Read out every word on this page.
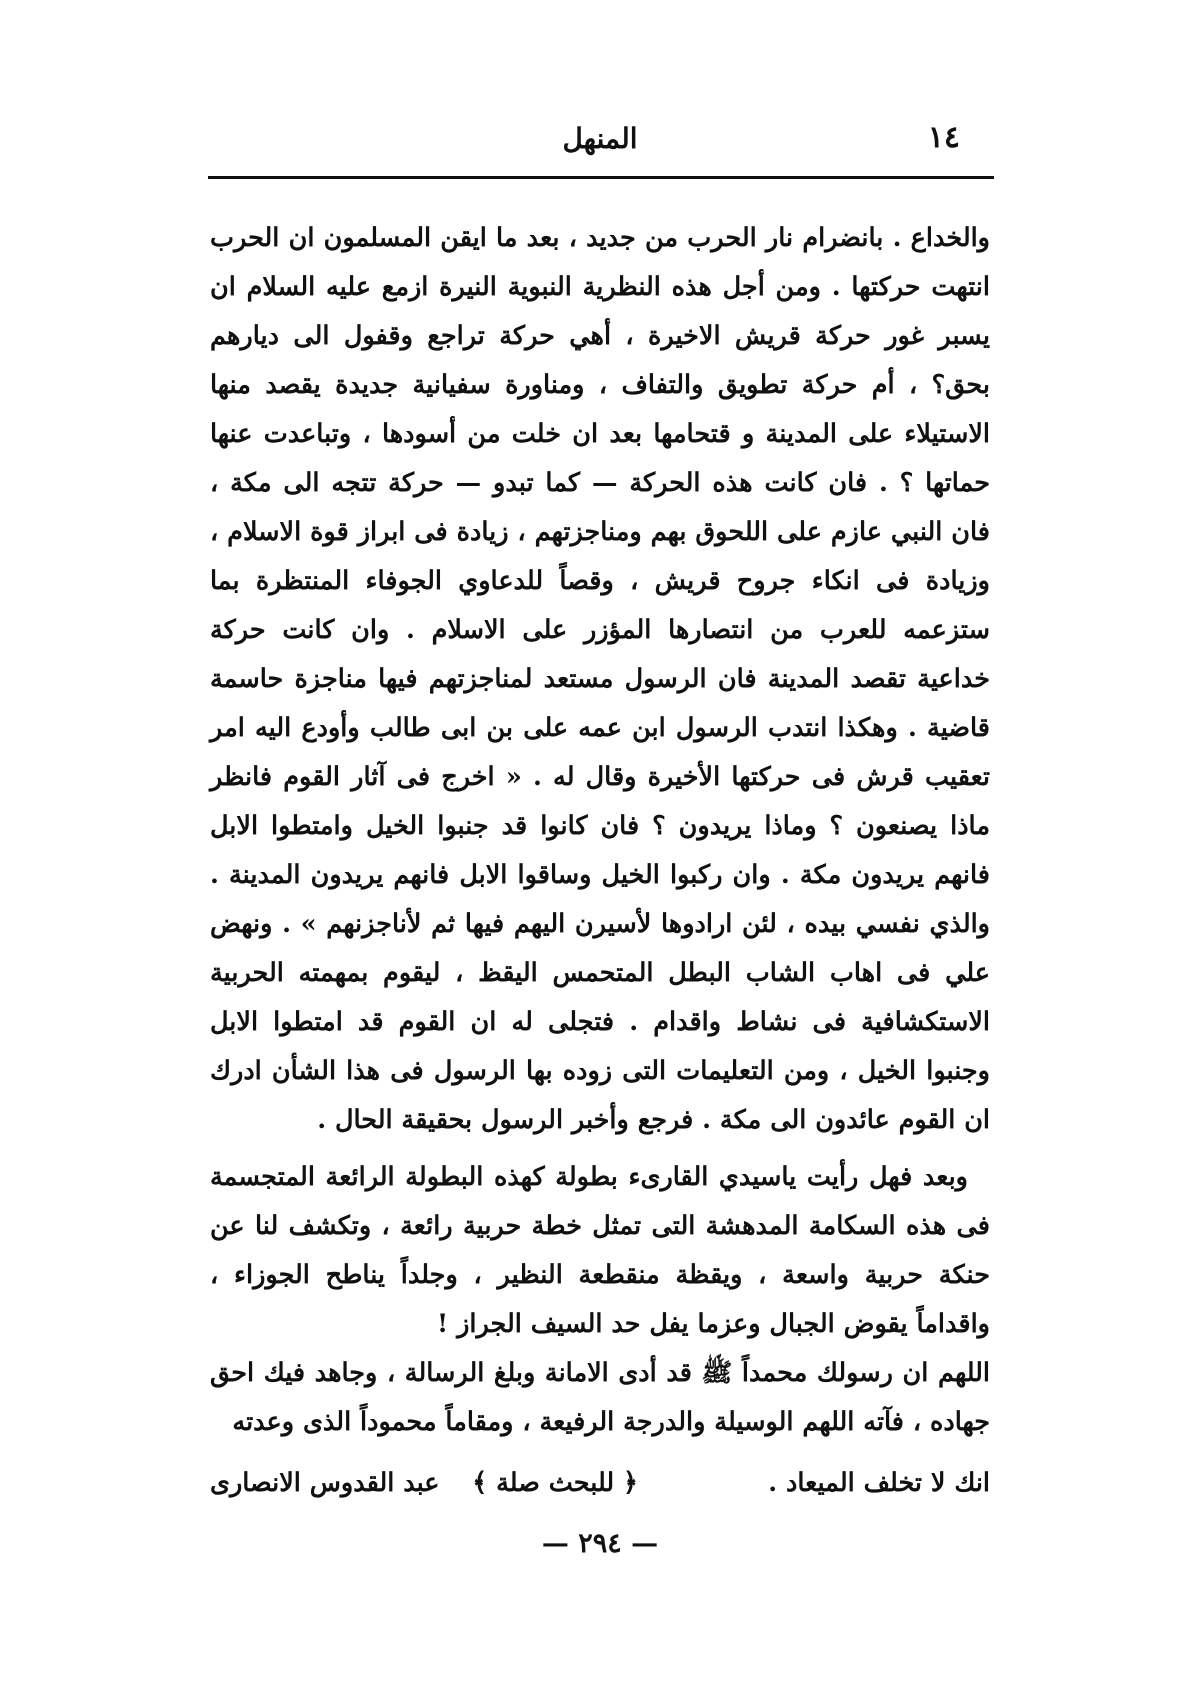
١٤
المنهل

والخداع . بانضرام نار الحرب من جديد ، بعد ما ايقن المسلمون ان الحرب انتهت حركتها . ومن أجل هذه النظرية النبوية النيرة ازمع عليه السلام ان يسبر غور حركة قريش الاخيرة ، أهي حركة تراجع وقفول الى ديارهم بحق؟ ، أم حركة تطويق والتفاف ، ومناورة سفيانية جديدة يقصد منها الاستيلاء على المدينة و قتحامها بعد ان خلت من أسودها ، وتباعدت عنها حماتها ؟ . فان كانت هذه الحركة — كما تبدو — حركة تتجه الى مكة ، فان النبي عازم على اللحوق بهم ومناجزتهم ، زيادة فى ابراز قوة الاسلام ، وزيادة فى انكاء جروح قريش ، وقصاً للدعاوي الجوفاء المنتظرة بما ستزعمه للعرب من انتصارها المؤزر على الاسلام . وان كانت حركة خداعية تقصد المدينة فان الرسول مستعد لمناجزتهم فيها مناجزة حاسمة قاضية . وهكذا انتدب الرسول ابن عمه على بن ابى طالب وأودع اليه امر تعقيب قرش فى حركتها الأخيرة وقال له . « اخرج فى آثار القوم فانظر ماذا يصنعون ؟ وماذا يريدون ؟ فان كانوا قد جنبوا الخيل وامتطوا الابل فانهم يريدون مكة . وان ركبوا الخيل وساقوا الابل فانهم يريدون المدينة . والذي نفسي بيده ، لئن ارادوها لأسيرن اليهم فيها ثم لأناجزنهم » . ونهض علي فى اهاب الشاب البطل المتحمس اليقظ ، ليقوم بمهمته الحربية الاستكشافية فى نشاط واقدام . فتجلى له ان القوم قد امتطوا الابل وجنبوا الخيل ، ومن التعليمات التى زوده بها الرسول فى هذا الشأن ادرك ان القوم عائدون الى مكة . فرجع وأخبر الرسول بحقيقة الحال .

وبعد فهل رأيت ياسيدي القارىء بطولة كهذه البطولة الرائعة المتجسمة فى هذه السكامة المدهشة التى تمثل خطة حربية رائعة ، وتكشف لنا عن حنكة حربية واسعة ، ويقظة منقطعة النظير ، وجلداً يناطح الجوزاء ، واقداماً يقوض الجبال وعزما يفل حد السيف الجراز !

اللهم ان رسولك محمداً ﷺ قد أدى الامانة وبلغ الرسالة ، وجاهد فيك احق جهاده ، فآته اللهم الوسيلة والدرجة الرفيعة ، ومقاماً محموداً الذى وعدته

انك لا تخلف الميعاد .
﴿ للبحث صلة ﴾
عبد القدوس الانصارى
— ٢٩٤ —
